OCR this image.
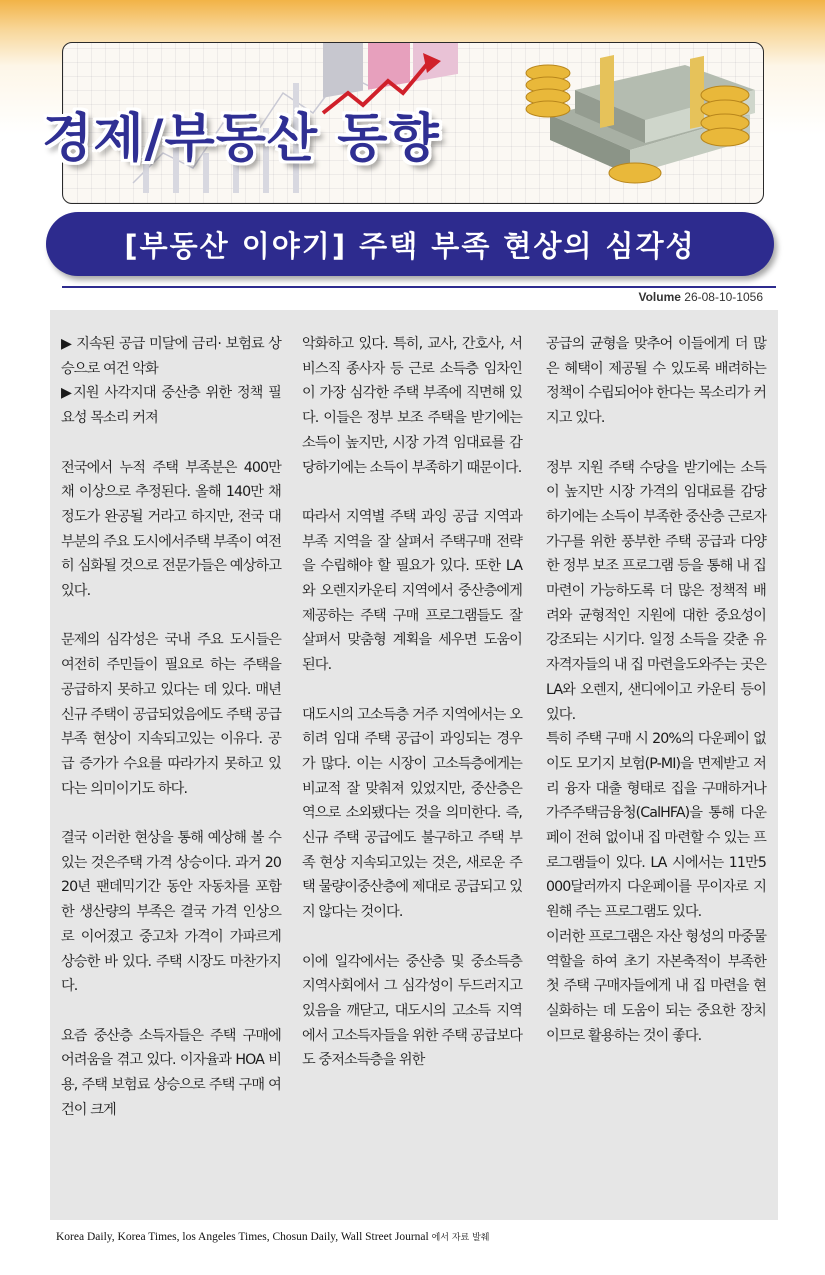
경제/부동산 동향
[부동산 이야기] 주택 부족 현상의 심각성
Volume 26-08-10-1056

▶ 지속된 공급 미달에 금리· 보험료 상승으로 여건 악화

▶지원 사각지대 중산층 위한 정책 필요성 목소리 커져

전국에서 누적 주택 부족분은 400만 채 이상으로 추정된다. 올해 140만 채 정도가 완공될 거라고 하지만, 전국 대부분의 주요 도시에서주택 부족이 여전히 심화될 것으로 전문가들은 예상하고 있다.

문제의 심각성은 국내 주요 도시들은 여전히 주민들이 필요로 하는 주택을 공급하지 못하고 있다는 데 있다. 매년 신규 주택이 공급되었음에도 주택 공급 부족 현상이 지속되고있는 이유다. 공급 증가가 수요를 따라가지 못하고 있다는 의미이기도 하다.

결국 이러한 현상을 통해 예상해 볼 수 있는 것은주택 가격 상승이다. 과거 2020년 팬데믹기간 동안 자동차를 포함한 생산량의 부족은 결국 가격 인상으로 이어졌고 중고차 가격이 가파르게 상승한 바 있다. 주택 시장도 마찬가지다.

요즘 중산층 소득자들은 주택 구매에 어려움을 겪고 있다. 이자율과 HOA 비용, 주택 보험료 상승으로 주택 구매 여건이 크게

악화하고 있다. 특히, 교사, 간호사, 서비스직 종사자 등 근로 소득층 임차인이 가장 심각한 주택 부족에 직면해 있다. 이들은 정부 보조 주택을 받기에는 소득이 높지만, 시장 가격 임대료를 감당하기에는 소득이 부족하기 때문이다.

따라서 지역별 주택 과잉 공급 지역과 부족 지역을 잘 살펴서 주택구매 전략을 수립해야 할 필요가 있다. 또한 LA와 오렌지카운티 지역에서 중산층에게 제공하는 주택 구매 프로그램들도 잘 살펴서 맞춤형 계획을 세우면 도움이 된다.

대도시의 고소득층 거주 지역에서는 오히려 임대 주택 공급이 과잉되는 경우가 많다. 이는 시장이 고소득층에게는 비교적 잘 맞춰져 있었지만, 중산층은 역으로 소외됐다는 것을 의미한다. 즉, 신규 주택 공급에도 불구하고 주택 부족 현상 지속되고있는 것은, 새로운 주택 물량이중산층에 제대로 공급되고 있지 않다는 것이다.

이에 일각에서는 중산층 및 중소득층 지역사회에서 그 심각성이 두드러지고 있음을 깨닫고, 대도시의 고소득 지역에서 고소득자들을 위한 주택 공급보다도 중저소득층을 위한

공급의 균형을 맞추어 이들에게 더 많은 혜택이 제공될 수 있도록 배려하는 정책이 수립되어야 한다는 목소리가 커지고 있다.

정부 지원 주택 수당을 받기에는 소득이 높지만 시장 가격의 임대료를 감당하기에는 소득이 부족한 중산층 근로자 가구를 위한 풍부한 주택 공급과 다양한 정부 보조 프로그램 등을 통해 내 집 마련이 가능하도록 더 많은 정책적 배려와 균형적인 지원에 대한 중요성이 강조되는 시기다. 일정 소득을 갖춘 유자격자들의 내 집 마련을도와주는 곳은 LA와 오렌지, 샌디에이고 카운티 등이 있다.

특히 주택 구매 시 20%의 다운페이 없이도 모기지 보험(P-MI)을 면제받고 저리 융자 대출 형태로 집을 구매하거나 가주주택금융청(CalHFA)을 통해 다운페이 전혀 없이내 집 마련할 수 있는 프로그램들이 있다. LA 시에서는 11만5000달러까지 다운페이를 무이자로 지원해 주는 프로그램도 있다.

이러한 프로그램은 자산 형성의 마중물 역할을 하여 초기 자본축적이 부족한 첫 주택 구매자들에게 내 집 마련을 현실화하는 데 도움이 되는 중요한 장치이므로 활용하는 것이 좋다.

Korea Daily, Korea Times, los Angeles Times, Chosun Daily, Wall Street Journal 에서 자료 발췌
